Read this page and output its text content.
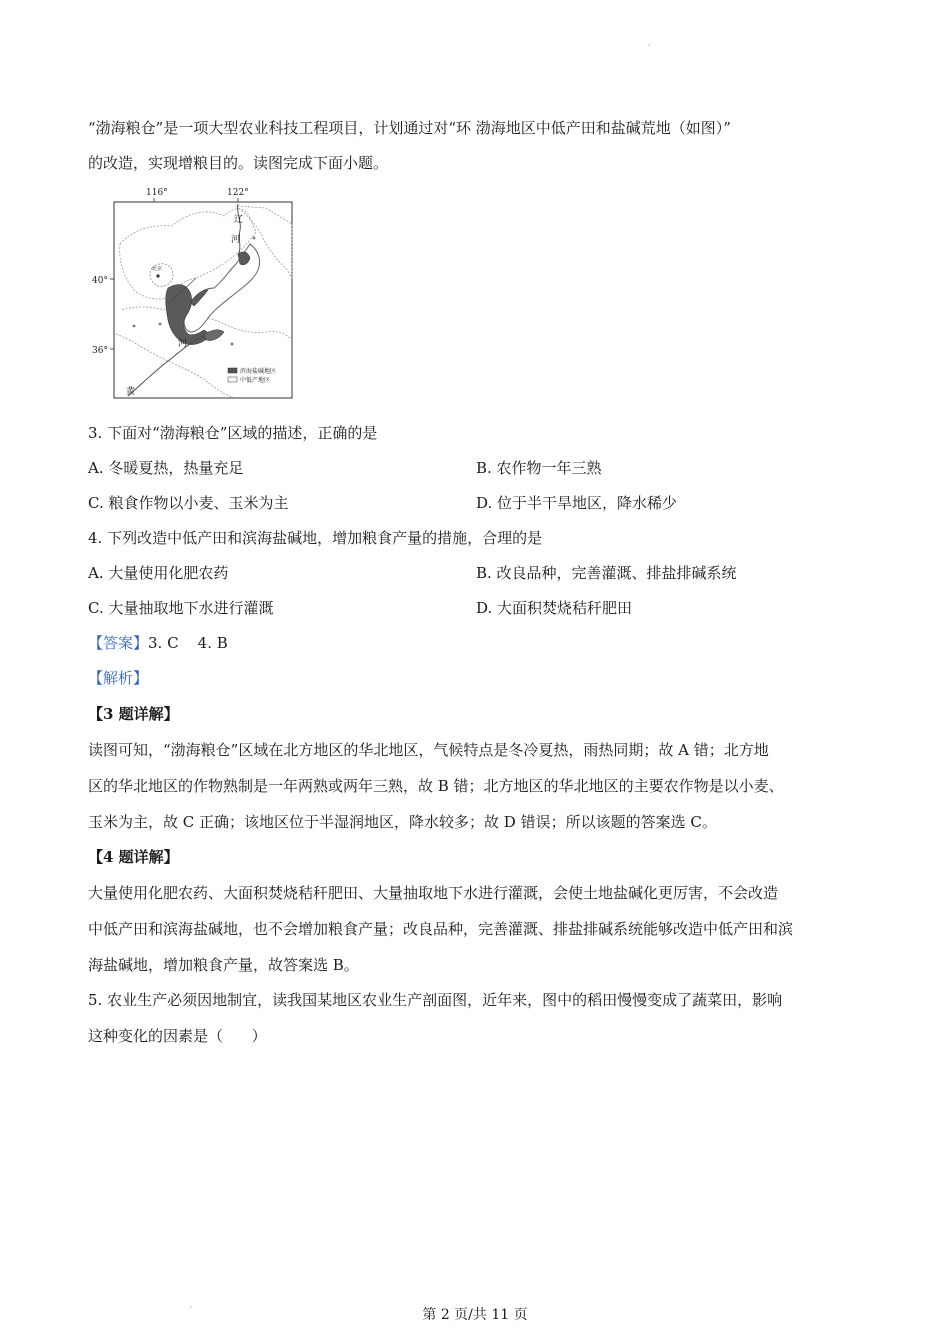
“渤海粮仓”是一项大型农业科技工程项目，计划通过对“环 渤海地区中低产田和盐碱荒地（如图）”
的改造，实现增粮目的。读图完成下面小题。
116°	122°
40°
36°
辽
河
北京
河
黄
滨海盐碱地区
中低产地区
3. 下面对“渤海粮仓”区域的描述，正确的是
A. 冬暖夏热，热量充足	B. 农作物一年三熟
C. 粮食作物以小麦、玉米为主	D. 位于半干旱地区，降水稀少
4. 下列改造中低产田和滨海盐碱地，增加粮食产量的措施，合理的是
A. 大量使用化肥农药	B. 改良品种，完善灌溉、排盐排碱系统
C. 大量抽取地下水进行灌溉	D. 大面积焚烧秸秆肥田
【答案】3. C    4. B
【解析】
【3 题详解】
读图可知，“渤海粮仓”区域在北方地区的华北地区，气候特点是冬冷夏热，雨热同期；故 A 错；北方地
区的华北地区的作物熟制是一年两熟或两年三熟，故 B 错；北方地区的华北地区的主要农作物是以小麦、
玉米为主，故 C 正确；该地区位于半湿润地区，降水较多；故 D 错误；所以该题的答案选 C。
【4 题详解】
大量使用化肥农药、大面积焚烧秸秆肥田、大量抽取地下水进行灌溉，会使土地盐碱化更厉害，不会改造
中低产田和滨海盐碱地，也不会增加粮食产量；改良品种，完善灌溉、排盐排碱系统能够改造中低产田和滨
海盐碱地，增加粮食产量，故答案选 B。
5. 农业生产必须因地制宜，读我国某地区农业生产剖面图，近年来，图中的稻田慢慢变成了蔬菜田，影响
这种变化的因素是（      ）
第 2 页/共 11 页
